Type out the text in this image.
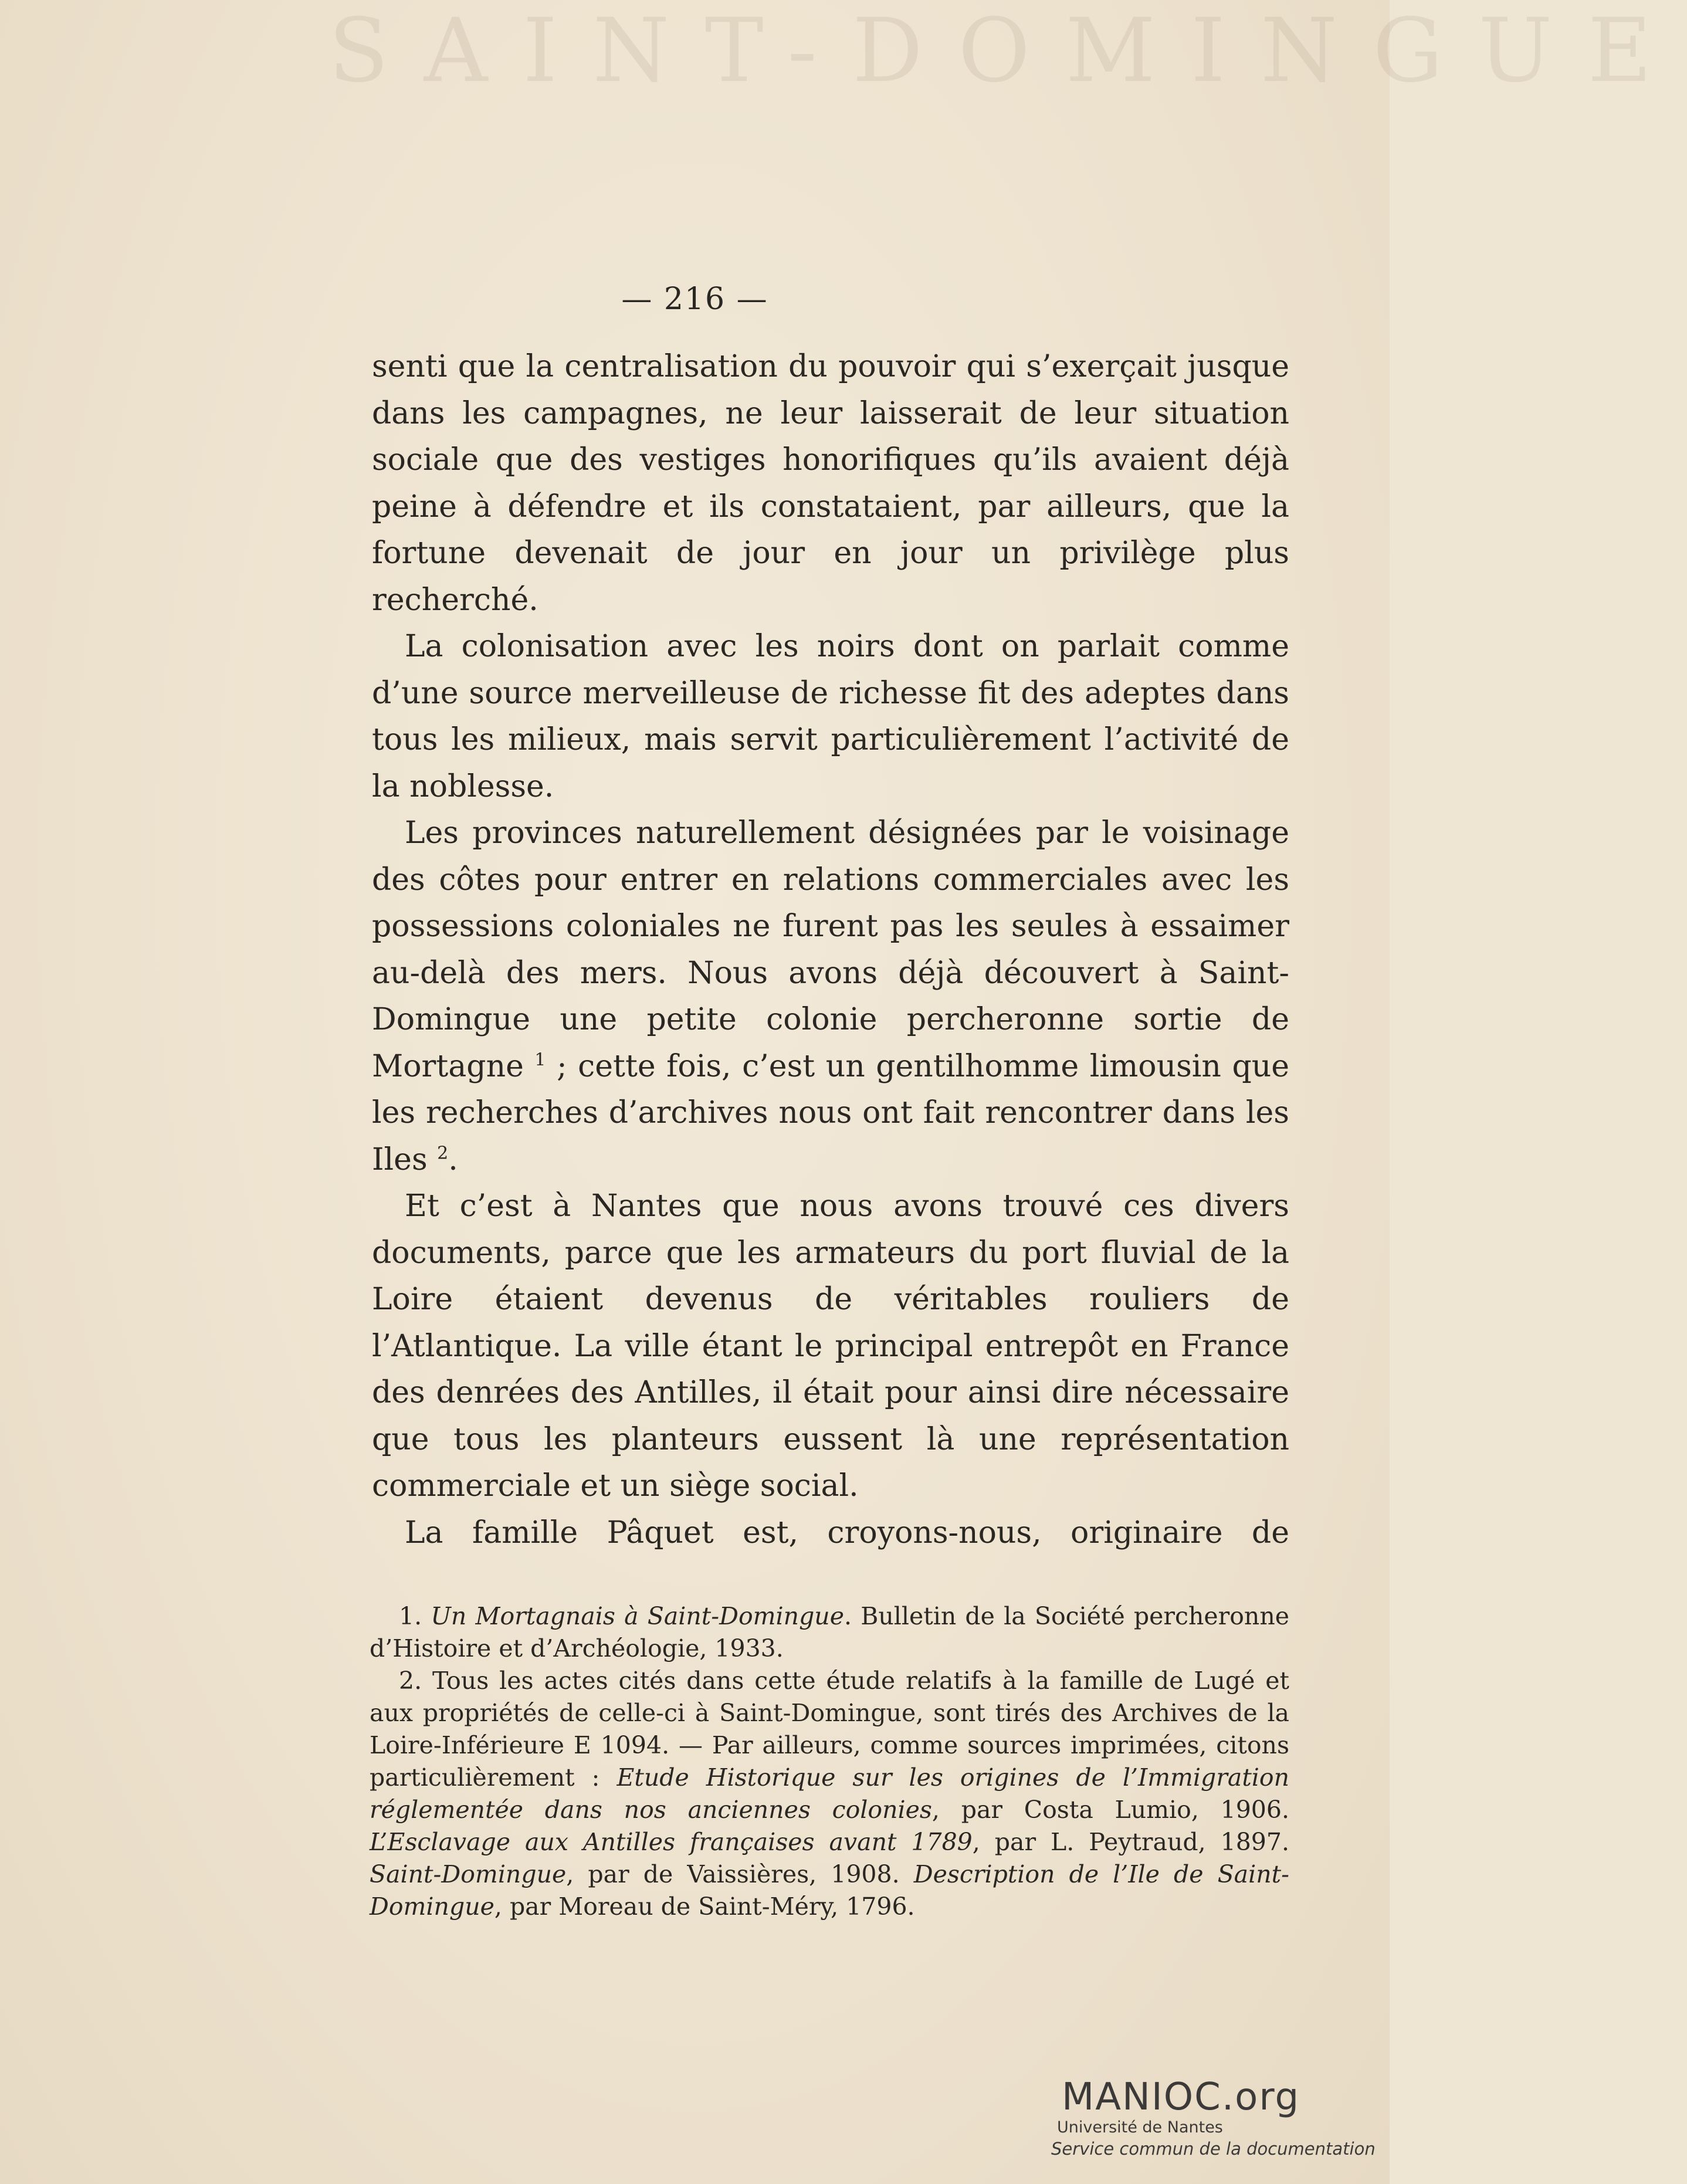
SAINT-DOMINGUE
— 216 —

senti que la centralisation du pouvoir qui s’exerçait jusque dans les campagnes, ne leur laisserait de leur situation sociale que des vestiges honorifiques qu’ils avaient déjà peine à défendre et ils constataient, par ailleurs, que la fortune devenait de jour en jour un privilège plus recherché.

La colonisation avec les noirs dont on parlait comme d’une source merveilleuse de richesse fit des adeptes dans tous les milieux, mais servit particulièrement l’activité de la noblesse.

Les provinces naturellement désignées par le voisinage des côtes pour entrer en relations commerciales avec les possessions coloniales ne furent pas les seules à essaimer au-delà des mers. Nous avons déjà découvert à Saint-Domingue une petite colonie percheronne sortie de Mortagne $^1$ ; cette fois, c’est un gentilhomme limousin que les recherches d’archives nous ont fait rencontrer dans les Iles $^2$.

Et c’est à Nantes que nous avons trouvé ces divers documents, parce que les armateurs du port fluvial de la Loire étaient devenus de véritables rouliers de l’Atlantique. La ville étant le principal entrepôt en France des denrées des Antilles, il était pour ainsi dire nécessaire que tous les planteurs eussent là une représentation commerciale et un siège social.

La famille Pâquet est, croyons-nous, originaire de

1. Un Mortagnais à Saint-Domingue. Bulletin de la Société percheronne d’Histoire et d’Archéologie, 1933.

2. Tous les actes cités dans cette étude relatifs à la famille de Lugé et aux propriétés de celle-ci à Saint-Domingue, sont tirés des Archives de la Loire-Inférieure E 1094. — Par ailleurs, comme sources imprimées, citons particulièrement : Etude Historique sur les origines de l’Immigration réglementée dans nos anciennes colonies, par Costa Lumio, 1906. L’Esclavage aux Antilles françaises avant 1789, par L. Peytraud, 1897. Saint-Domingue, par de Vaissières, 1908. Description de l’Ile de Saint-Domingue, par Moreau de Saint-Méry, 1796.

MANIOC.org
Université de Nantes
Service commun de la documentation
